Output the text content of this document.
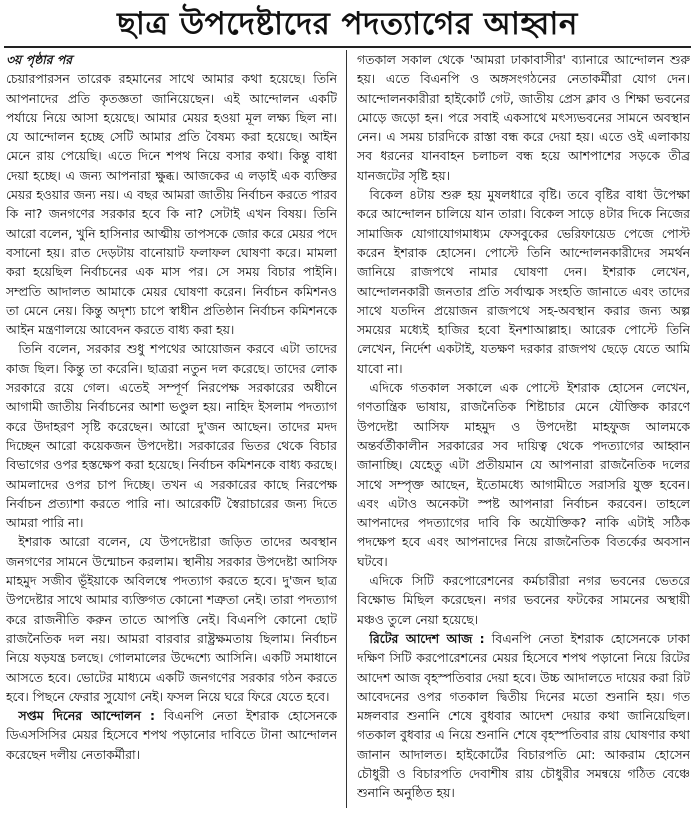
ছাত্র উপদেষ্টাদের পদত্যাগের আহ্বান

৩য় পৃষ্ঠার পর

চেয়ারপারসন তারেক রহমানের সাথে আমার কথা হয়েছে। তিনি আপনাদের প্রতি কৃতজ্ঞতা জানিয়েছেন। এই আন্দোলন একটি পর্যায়ে নিয়ে আসা হয়েছে। আমার মেয়র হওয়া মূল লক্ষ্য ছিল না। যে আন্দোলন হচ্ছে সেটি আমার প্রতি বৈষম্য করা হয়েছে। আইন মেনে রায় পেয়েছি। এতে দিনে শপথ নিয়ে বসার কথা। কিন্তু বাধা দেয়া হচ্ছে। এ জন্য আপনারা ক্ষুব্ধ। আজকের এ লড়াই এক ব্যক্তির মেয়র হওয়ার জন্য নয়। এ বছর আমরা জাতীয় নির্বাচন করতে পারব কি না? জনগণের সরকার হবে কি না? সেটাই এখন বিষয়। তিনি আরো বলেন, খুনি হাসিনার আত্মীয় তাপসকে জোর করে মেয়র পদে বসানো হয়। রাত দেড়টায় বানোয়াট ফলাফল ঘোষণা করে। মামলা করা হয়েছিল নির্বাচনের এক মাস পর। সে সময় বিচার পাইনি। সম্প্রতি আদালত আমাকে মেয়র ঘোষণা করেন। নির্বাচন কমিশনও তা মেনে নেয়। কিন্তু অদৃশ্য চাপে স্বাধীন প্রতিষ্ঠান নির্বাচন কমিশনকে আইন মন্ত্রণালয়ে আবেদন করতে বাধ্য করা হয়।

তিনি বলেন, সরকার শুধু শপথের আয়োজন করবে এটা তাদের কাজ ছিল। কিন্তু তা করেনি। ছাত্ররা নতুন দল করেছে। তাদের লোক সরকারে রয়ে গেল। এতেই সম্পূর্ণ নিরপেক্ষ সরকারের অধীনে আগামী জাতীয় নির্বাচনের আশা ভণ্ডুল হয়। নাহিদ ইসলাম পদত্যাগ করে উদাহরণ সৃষ্টি করেছেন। আরো দু'জন আছেন। তাদের মদদ দিচ্ছেন আরো কয়েকজন উপদেষ্টা। সরকারের ভিতর থেকে বিচার বিভাগের ওপর হস্তক্ষেপ করা হয়েছে। নির্বাচন কমিশনকে বাধ্য করছে। আমলাদের ওপর চাপ দিচ্ছে। তখন এ সরকারের কাছে নিরপেক্ষ নির্বাচন প্রত্যাশা করতে পারি না। আরেকটি স্বৈরাচারের জন্য দিতে আমরা পারি না।

ইশরাক আরো বলেন, যে উপদেষ্টারা জড়িত তাদের অবস্থান জনগণের সামনে উন্মোচন করলাম। স্থানীয় সরকার উপদেষ্টা আসিফ মাহমুদ সজীব ভূঁইয়াকে অবিলম্বে পদত্যাগ করতে হবে। দু'জন ছাত্র উপদেষ্টার সাথে আমার ব্যক্তিগত কোনো শত্রুতা নেই। তারা পদত্যাগ করে রাজনীতি করুন তাতে আপত্তি নেই। বিএনপি কোনো ছোট রাজনৈতিক দল নয়। আমরা বারবার রাষ্ট্রক্ষমতায় ছিলাম। নির্বাচন নিয়ে ষড়যন্ত্র চলছে। গোলমালের উদ্দেশ্যে আসিনি। একটি সমাধানে আসতে হবে। ভোটের মাধ্যমে একটি জনগণের সরকার গঠন করতে হবে। পিছনে ফেরার সুযোগ নেই। ফসল নিয়ে ঘরে ফিরে যেতে হবে।

সপ্তম দিনের আন্দোলন : বিএনপি নেতা ইশরাক হোসেনকে ডিএসসিসির মেয়র হিসেবে শপথ পড়ানোর দাবিতে টানা আন্দোলন করেছেন দলীয় নেতাকর্মীরা।

গতকাল সকাল থেকে 'আমরা ঢাকাবাসীর' ব্যানারে আন্দোলন শুরু হয়। এতে বিএনপি ও অঙ্গসংগঠনের নেতাকর্মীরা যোগ দেন। আন্দোলনকারীরা হাইকোর্ট গেট, জাতীয় প্রেস ক্লাব ও শিক্ষা ভবনের মোড়ে জড়ো হন। পরে সবাই একসাথে মৎস্যভবনের সামনে অবস্থান নেন। এ সময় চারদিকে রাস্তা বন্ধ করে দেয়া হয়। এতে ওই এলাকায় সব ধরনের যানবাহন চলাচল বন্ধ হয়ে আশপাশের সড়কে তীব্র যানজটের সৃষ্টি হয়।

বিকেল ৪টায় শুরু হয় মুষলধারে বৃষ্টি। তবে বৃষ্টির বাধা উপেক্ষা করে আন্দোলন চালিয়ে যান তারা। বিকেল সাড়ে ৪টার দিকে নিজের সামাজিক যোগাযোগমাধ্যম ফেসবুকের ভেরিফায়েড পেজে পোস্ট করেন ইশরাক হোসেন। পোস্টে তিনি আন্দোলনকারীদের সমর্থন জানিয়ে রাজপথে নামার ঘোষণা দেন। ইশরাক লেখেন, আন্দোলনকারী জনতার প্রতি সর্বাত্মক সংহতি জানাতে এবং তাদের সাথে যতদিন প্রয়োজন রাজপথে সহ-অবস্থান করার জন্য অল্প সময়ের মধ্যেই হাজির হবো ইনশাআল্লাহ। আরেক পোস্টে তিনি লেখেন, নির্দেশ একটাই, যতক্ষণ দরকার রাজপথ ছেড়ে যেতে আমি যাবো না।

এদিকে গতকাল সকালে এক পোস্টে ইশরাক হোসেন লেখেন, গণতান্ত্রিক ভাষায়, রাজনৈতিক শিষ্টাচার মেনে যৌক্তিক কারণে উপদেষ্টা আসিফ মাহমুদ ও উপদেষ্টা মাহফুজ আলমকে অন্তর্বর্তীকালীন সরকারের সব দায়িত্ব থেকে পদত্যাগের আহ্বান জানাচ্ছি। যেহেতু এটা প্রতীয়মান যে আপনারা রাজনৈতিক দলের সাথে সম্পৃক্ত আছেন, ইতোমধ্যে আগামীতে সরাসরি যুক্ত হবেন। এবং এটাও অনেকটা স্পষ্ট আপনারা নির্বাচন করবেন। তাহলে আপনাদের পদত্যাগের দাবি কি অযৌক্তিক? নাকি এটাই সঠিক পদক্ষেপ হবে এবং আপনাদের নিয়ে রাজনৈতিক বিতর্কের অবসান ঘটবে।

এদিকে সিটি করপোরেশনের কর্মচারীরা নগর ভবনের ভেতরে বিক্ষোভ মিছিল করেছেন। নগর ভবনের ফটকের সামনের অস্থায়ী মঞ্চও তুলে নেয়া হয়েছে।

রিটের আদেশ আজ : বিএনপি নেতা ইশরাক হোসেনকে ঢাকা দক্ষিণ সিটি করপোরেশনের মেয়র হিসেবে শপথ পড়ানো নিয়ে রিটের আদেশ আজ বৃহস্পতিবার দেয়া হবে। উচ্চ আদালতে দায়ের করা রিট আবেদনের ওপর গতকাল দ্বিতীয় দিনের মতো শুনানি হয়। গত মঙ্গলবার শুনানি শেষে বুধবার আদেশ দেয়ার কথা জানিয়েছিল। গতকাল বুধবার এ নিয়ে শুনানি শেষে বৃহস্পতিবার রায় ঘোষণার কথা জানান আদালত। হাইকোর্টের বিচারপতি মো: আকরাম হোসেন চৌধুরী ও বিচারপতি দেবাশীষ রায় চৌধুরীর সমন্বয়ে গঠিত বেঞ্চে শুনানি অনুষ্ঠিত হয়।
